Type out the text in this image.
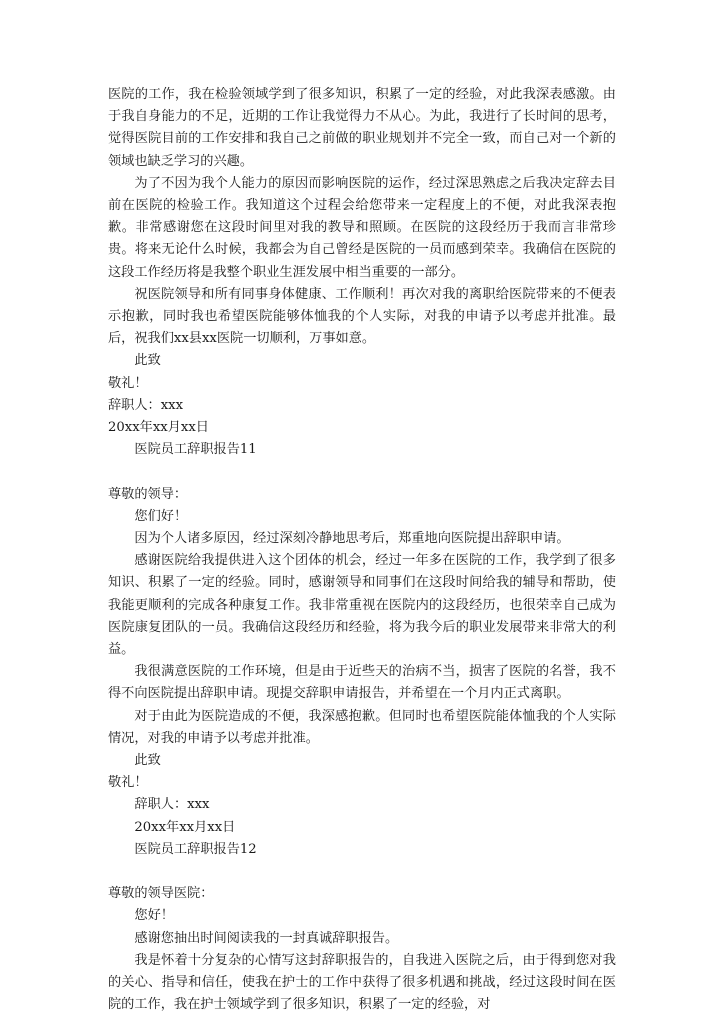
医院的工作，我在检验领域学到了很多知识，积累了一定的经验，对此我深表感激。由于我自身能力的不足，近期的工作让我觉得力不从心。为此，我进行了长时间的思考，觉得医院目前的工作安排和我自己之前做的职业规划并不完全一致，而自己对一个新的领域也缺乏学习的兴趣。

为了不因为我个人能力的原因而影响医院的运作，经过深思熟虑之后我决定辞去目前在医院的检验工作。我知道这个过程会给您带来一定程度上的不便，对此我深表抱歉。非常感谢您在这段时间里对我的教导和照顾。在医院的这段经历于我而言非常珍贵。将来无论什么时候，我都会为自己曾经是医院的一员而感到荣幸。我确信在医院的这段工作经历将是我整个职业生涯发展中相当重要的一部分。

祝医院领导和所有同事身体健康、工作顺利！再次对我的离职给医院带来的不便表示抱歉，同时我也希望医院能够体恤我的个人实际，对我的申请予以考虑并批准。最后，祝我们xx县xx医院一切顺利，万事如意。

此致

敬礼！

辞职人：xxx

20xx年xx月xx日

医院员工辞职报告11

尊敬的领导：

您们好！

因为个人诸多原因，经过深刻冷静地思考后，郑重地向医院提出辞职申请。

感谢医院给我提供进入这个团体的机会，经过一年多在医院的工作，我学到了很多知识、积累了一定的经验。同时，感谢领导和同事们在这段时间给我的辅导和帮助，使我能更顺利的完成各种康复工作。我非常重视在医院内的这段经历，也很荣幸自己成为医院康复团队的一员。我确信这段经历和经验，将为我今后的职业发展带来非常大的利益。

我很满意医院的工作环境，但是由于近些天的治病不当，损害了医院的名誉，我不得不向医院提出辞职申请。现提交辞职申请报告，并希望在一个月内正式离职。

对于由此为医院造成的不便，我深感抱歉。但同时也希望医院能体恤我的个人实际情况，对我的申请予以考虑并批准。

此致

敬礼！

辞职人：xxx

20xx年xx月xx日

医院员工辞职报告12

尊敬的领导医院：

您好！

感谢您抽出时间阅读我的一封真诚辞职报告。

我是怀着十分复杂的心情写这封辞职报告的，自我进入医院之后，由于得到您对我的关心、指导和信任，使我在护士的工作中获得了很多机遇和挑战，经过这段时间在医院的工作，我在护士领域学到了很多知识，积累了一定的经验，对
